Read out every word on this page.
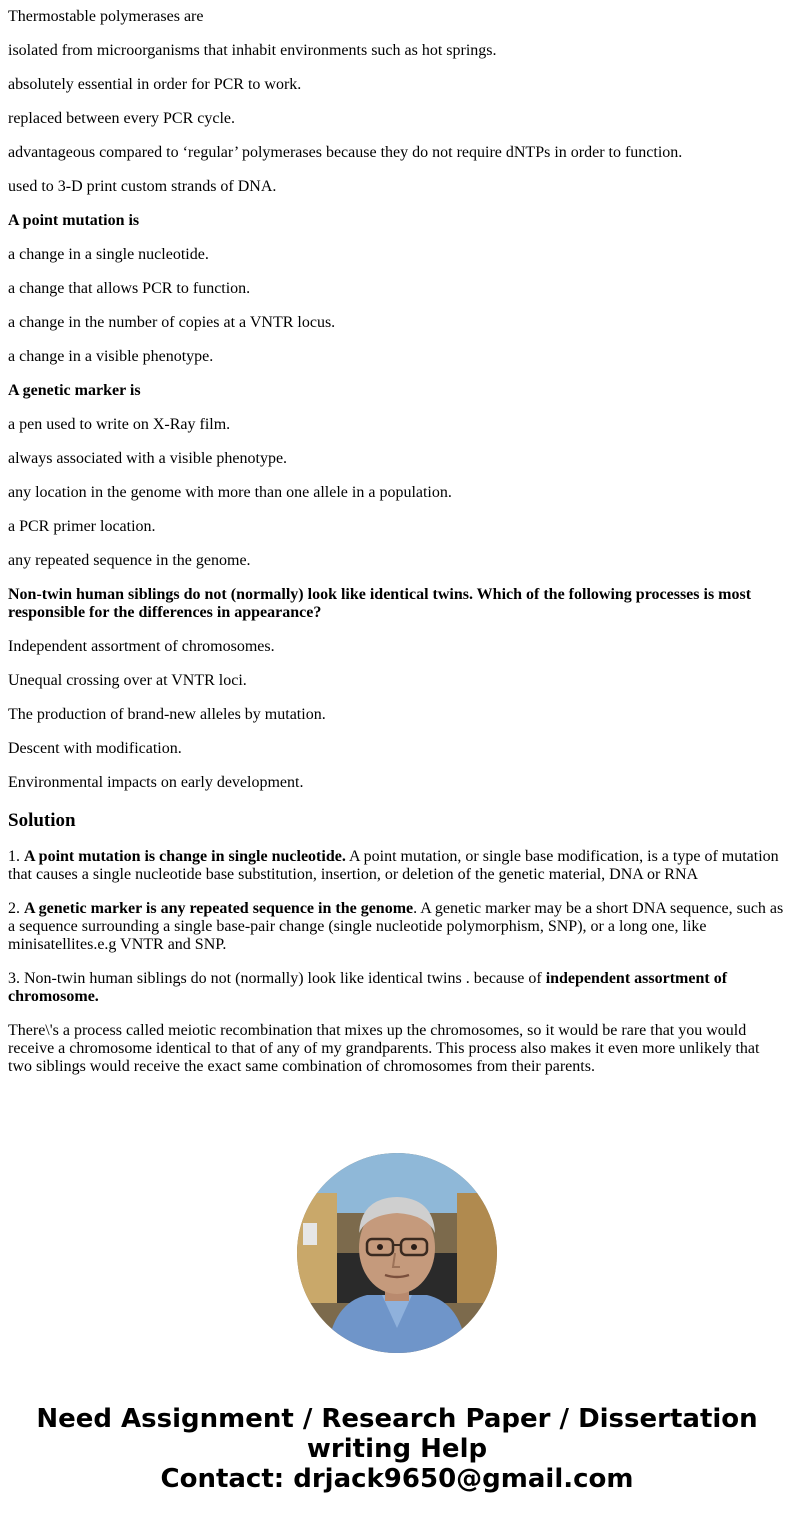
Thermostable polymerases are

isolated from microorganisms that inhabit environments such as hot springs.

absolutely essential in order for PCR to work.

replaced between every PCR cycle.

advantageous compared to ‘regular’ polymerases because they do not require dNTPs in order to function.

used to 3-D print custom strands of DNA.

A point mutation is

a change in a single nucleotide.

a change that allows PCR to function.

a change in the number of copies at a VNTR locus.

a change in a visible phenotype.

A genetic marker is

a pen used to write on X-Ray film.

always associated with a visible phenotype.

any location in the genome with more than one allele in a population.

a PCR primer location.

any repeated sequence in the genome.

Non-twin human siblings do not (normally) look like identical twins. Which of the following processes is most responsible for the differences in appearance?

Independent assortment of chromosomes.

Unequal crossing over at VNTR loci.

The production of brand-new alleles by mutation.

Descent with modification.

Environmental impacts on early development.

Solution

1. A point mutation is change in single nucleotide. A point mutation, or single base modification, is a type of mutation that causes a single nucleotide base substitution, insertion, or deletion of the genetic material, DNA or RNA

2. A genetic marker is any repeated sequence in the genome. A genetic marker may be a short DNA sequence, such as a sequence surrounding a single base-pair change (single nucleotide polymorphism, SNP), or a long one, like minisatellites.e.g VNTR and SNP.

3. Non-twin human siblings do not (normally) look like identical twins . because of independent assortment of chromosome.

There\'s a process called meiotic recombination that mixes up the chromosomes, so it would be rare that you would receive a chromosome identical to that of any of my grandparents. This process also makes it even more unlikely that two siblings would receive the exact same combination of chromosomes from their parents.

Need Assignment / Research Paper / Dissertation
writing Help
Contact: drjack9650@gmail.com
